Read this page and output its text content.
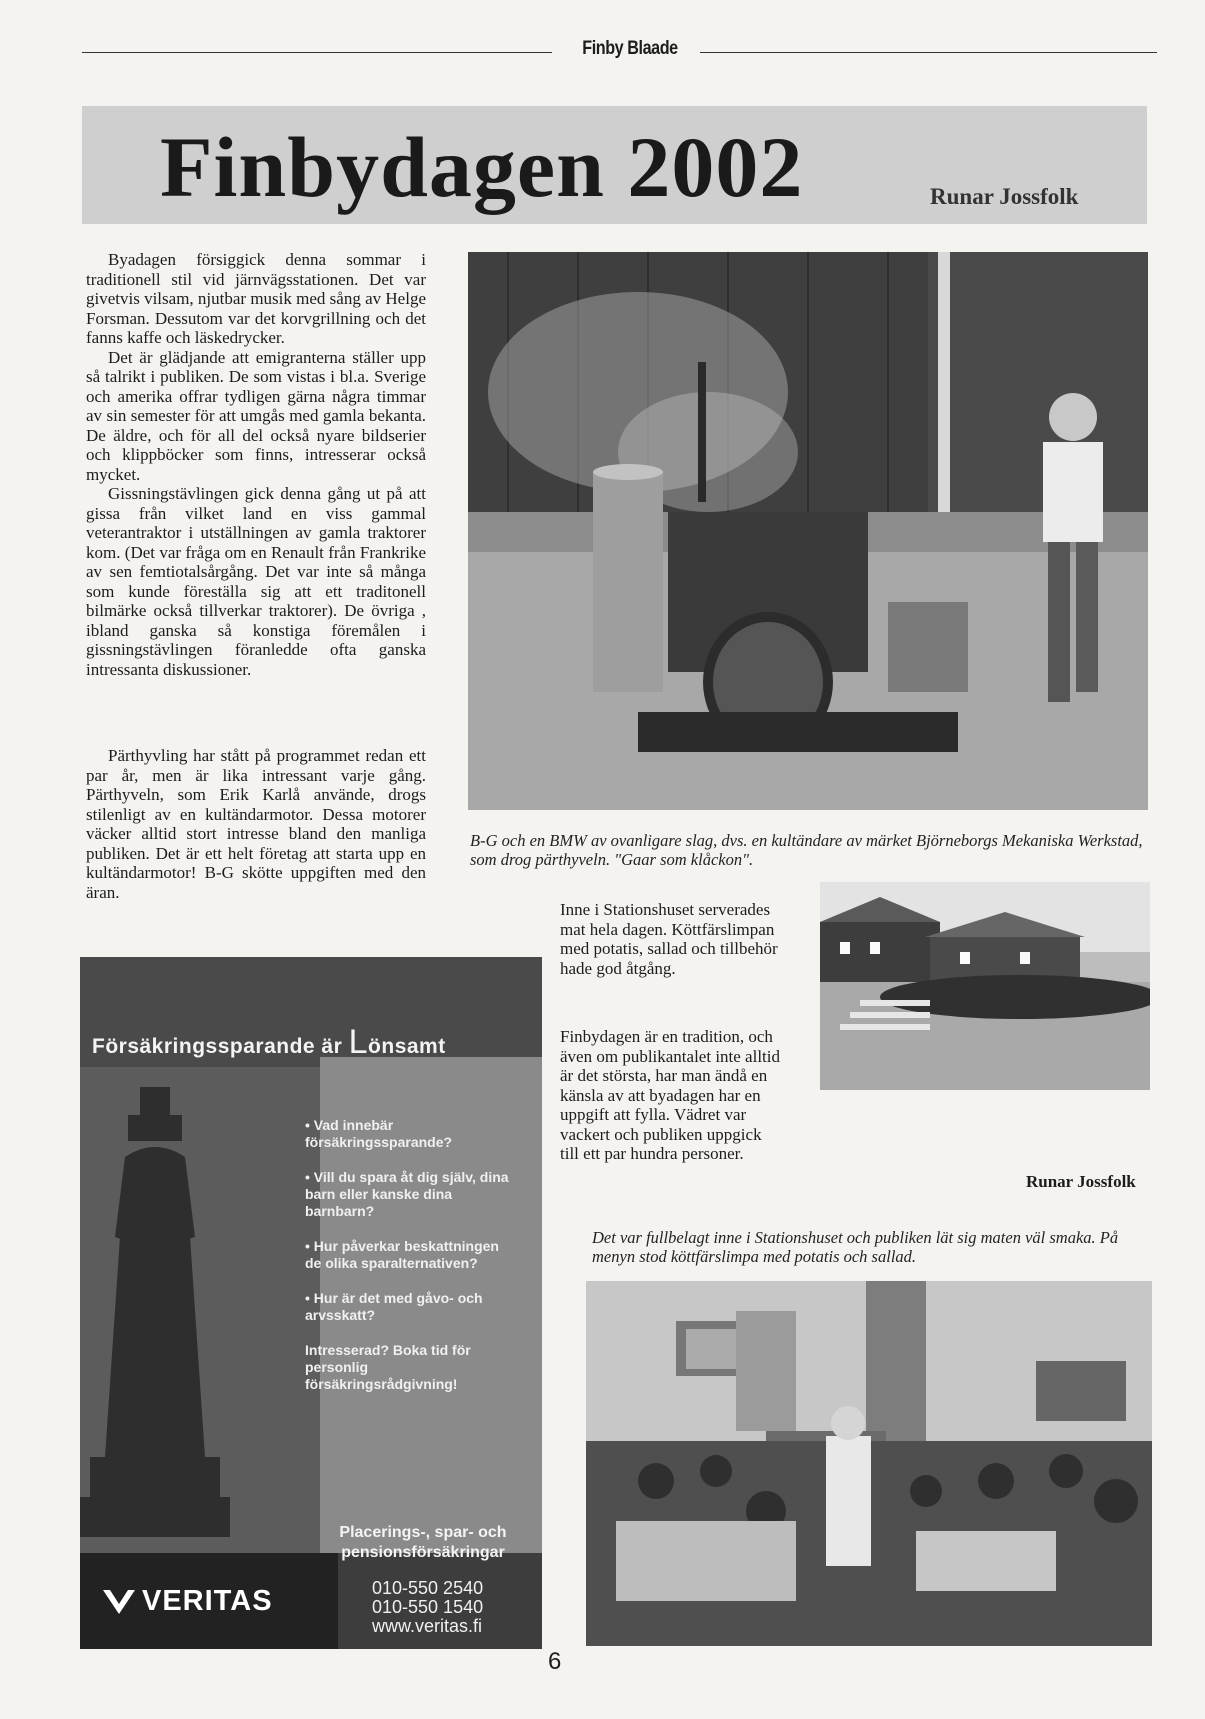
Finby Blaade
Finbydagen 2002	Runar Jossfolk

Byadagen försiggick denna sommar i traditionell stil vid järnvägsstationen. Det var givetvis vilsam, njutbar musik med sång av Helge Forsman. Dessutom var det korvgrillning och det fanns kaffe och läskedrycker.

Det är glädjande att emigranterna ställer upp så talrikt i publiken. De som vistas i bl.a. Sverige och amerika offrar tydligen gärna några timmar av sin semester för att umgås med gamla bekanta. De äldre, och för all del också nyare bildserier och klippböcker som finns, intresserar också mycket.

Gissningstävlingen gick denna gång ut på att gissa från vilket land en viss gammal veterantraktor i utställningen av gamla traktorer kom. (Det var fråga om en Renault från Frankrike av sen femtiotalsårgång. Det var inte så många som kunde föreställa sig att ett traditonell bilmärke också tillverkar traktorer). De övriga , ibland ganska så konstiga föremålen i gissningstävlingen föranledde ofta ganska intressanta diskussioner.

Pärthyvling har stått på programmet redan ett par år, men är lika intressant varje gång. Pärthyveln, som Erik Karlå använde, drogs stilenligt av en kultändarmotor. Dessa motorer väcker alltid stort intresse bland den manliga publiken. Det är ett helt företag att starta upp en kultändarmotor! B-G skötte uppgiften med den äran.

B-G och en BMW av ovanligare slag, dvs. en kultändare av märket Björneborgs Mekaniska Werkstad, som drog pärthyveln. "Gaar som klåckon".

Inne i Stationshuset serverades mat hela dagen. Köttfärslimpan med potatis, sallad och tillbehör hade god åtgång.

Finbydagen är en tradition, och även om publikantalet inte alltid är det största, har man ändå en känsla av att byadagen har en uppgift att fylla. Vädret var vackert och publiken uppgick till ett par hundra personer.

Runar Jossfolk
Det var fullbelagt inne i Stationshuset och publiken lät sig maten väl smaka. På menyn stod köttfärslimpa med potatis och sallad.
Försäkringssparande är Lönsamt
• Vad innebär försäkringssparande?
• Vill du spara åt dig själv, dina barn eller kanske dina barnbarn?
• Hur påverkar beskattningen de olika sparalternativen?
• Hur är det med gåvo- och arvsskatt?
Intresserad? Boka tid för personlig försäkringsrådgivning!
Placerings-, spar- och pensionsförsäkringar
VERITAS	010-550 2540
010-550 1540
www.veritas.fi
6
